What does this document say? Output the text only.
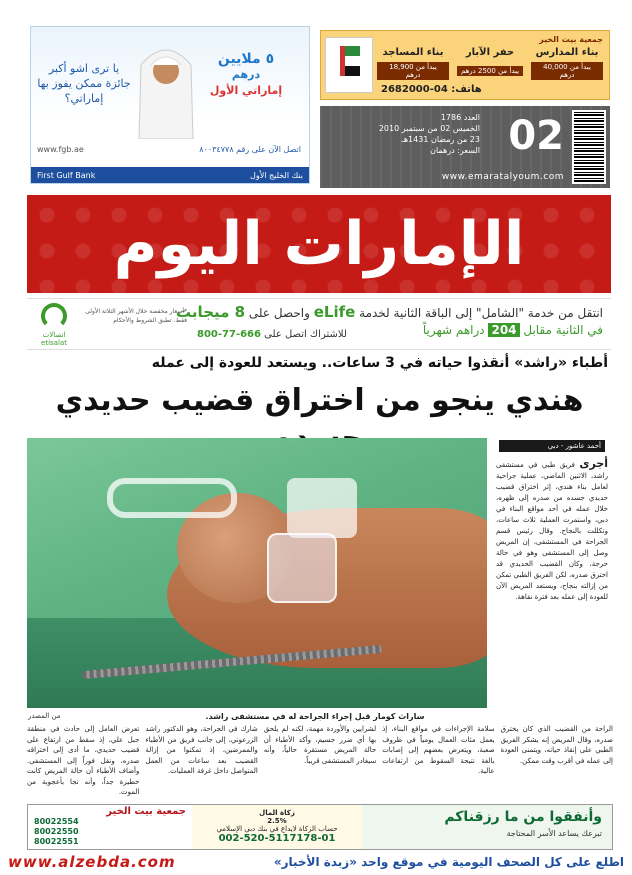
٥ ملايين
درهم
إماراتي الأول
يا ترى اشو أكبر جائزة ممكن يفوز بها إماراتي؟
اتصل الآن على رقم ٨٠٠٣٤٧٧٨
www.fgb.ae
بنك الخليج الأول
First Gulf Bank
جمعية بيت الخير
بناء المدارس
يبدأ من 40,000 درهم
حفر الآبار
يبدأ من 2500 درهم
بناء المساجد
يبدأ من 18,900 درهم
هاتف: 04-2682000
02
العدد 1786
الخميس 02 من سبتمبر 2010
23 من رمضان 1431هـ
السعر: درهمان
www.emaratalyoum.com
الإمارات اليوم
انتقل من خدمة "الشامل" إلى الباقة الثانية لخدمة eLife واحصل على 8 ميجابت
في الثانية مقابل 204 دراهم شهرياً
للاشتراك اتصل على 800-77-666
*أسعار مخفضة خلال الأشهر الثلاثة الأولى فقط. تطبق الشروط والأحكام
اتصالات
etisalat
أطباء «راشد» أنقذوا حياته في 3 ساعات.. ويستعد للعودة إلى عمله
هندي ينجو من اختراق قضيب حديدي
أحمد عاشور - دبي
أجرى فريق طبي في مستشفى راشد، الاثنين الماضي، عملية جراحية لعامل بناء هندي، إثر اختراق قضيب حديدي جسده من صدره إلى ظهره، خلال عمله في أحد مواقع البناء في دبي، واستمرت العملية ثلاث ساعات، وتكللت بالنجاح. وقال رئيس قسم الجراحة في المستشفى، إن المريض وصل إلى المستشفى وهو في حالة حرجة، وكان القضيب الحديدي قد اخترق صدره، لكن الفريق الطبي تمكن من إزالته بنجاح، ويستعد المريض الآن للعودة إلى عمله بعد فترة نقاهة.
من المصدر	ساراث كومار قبل إجراء الجراحة له في مستشفى راشد.

الراحة من القضيب الذي كان يخترق صدره، وقال المريض إنه يشكر الفريق الطبي على إنقاذ حياته، ويتمنى العودة إلى عمله في أقرب وقت ممكن.

سلامة الإجراءات في مواقع البناء، إذ يعمل مئات العمال يومياً في ظروف صعبة، ويتعرض بعضهم إلى إصابات بالغة نتيجة السقوط من ارتفاعات عالية.

لشرايين والأوردة مهمة، لكنه لم يلحق بها أي ضرر جسيم، وأكد الأطباء أن حالة المريض مستقرة حالياً، وأنه سيغادر المستشفى قريباً.

شارك في الجراحة، وهو الدكتور راشد الزرعوني، إلى جانب فريق من الأطباء والممرضين، إذ تمكنوا من إزالة القضيب بعد ساعات من العمل المتواصل داخل غرفة العمليات.

تعرض العامل إلى حادث في منطقة جبل علي، إذ سقط من ارتفاع على قضيب حديدي، ما أدى إلى اختراقه صدره، ونقل فوراً إلى المستشفى. وأضاف الأطباء أن حالة المريض كانت خطيرة جداً، وأنه نجا بأعجوبة من الموت.

وأنفقوا من ما رزقناكم
تبرعك يساعد الأسر المحتاجة
زكاة المال
2.5%
حساب الزكاة لايداع في بنك دبي الإسلامي
002-520-5117178-01
جمعية بيت الخير
80022554
80022550
80022551
www.alzebda.com	اطلع على كل الصحف اليومية في موقع واحد «زبدة الأخبار»
